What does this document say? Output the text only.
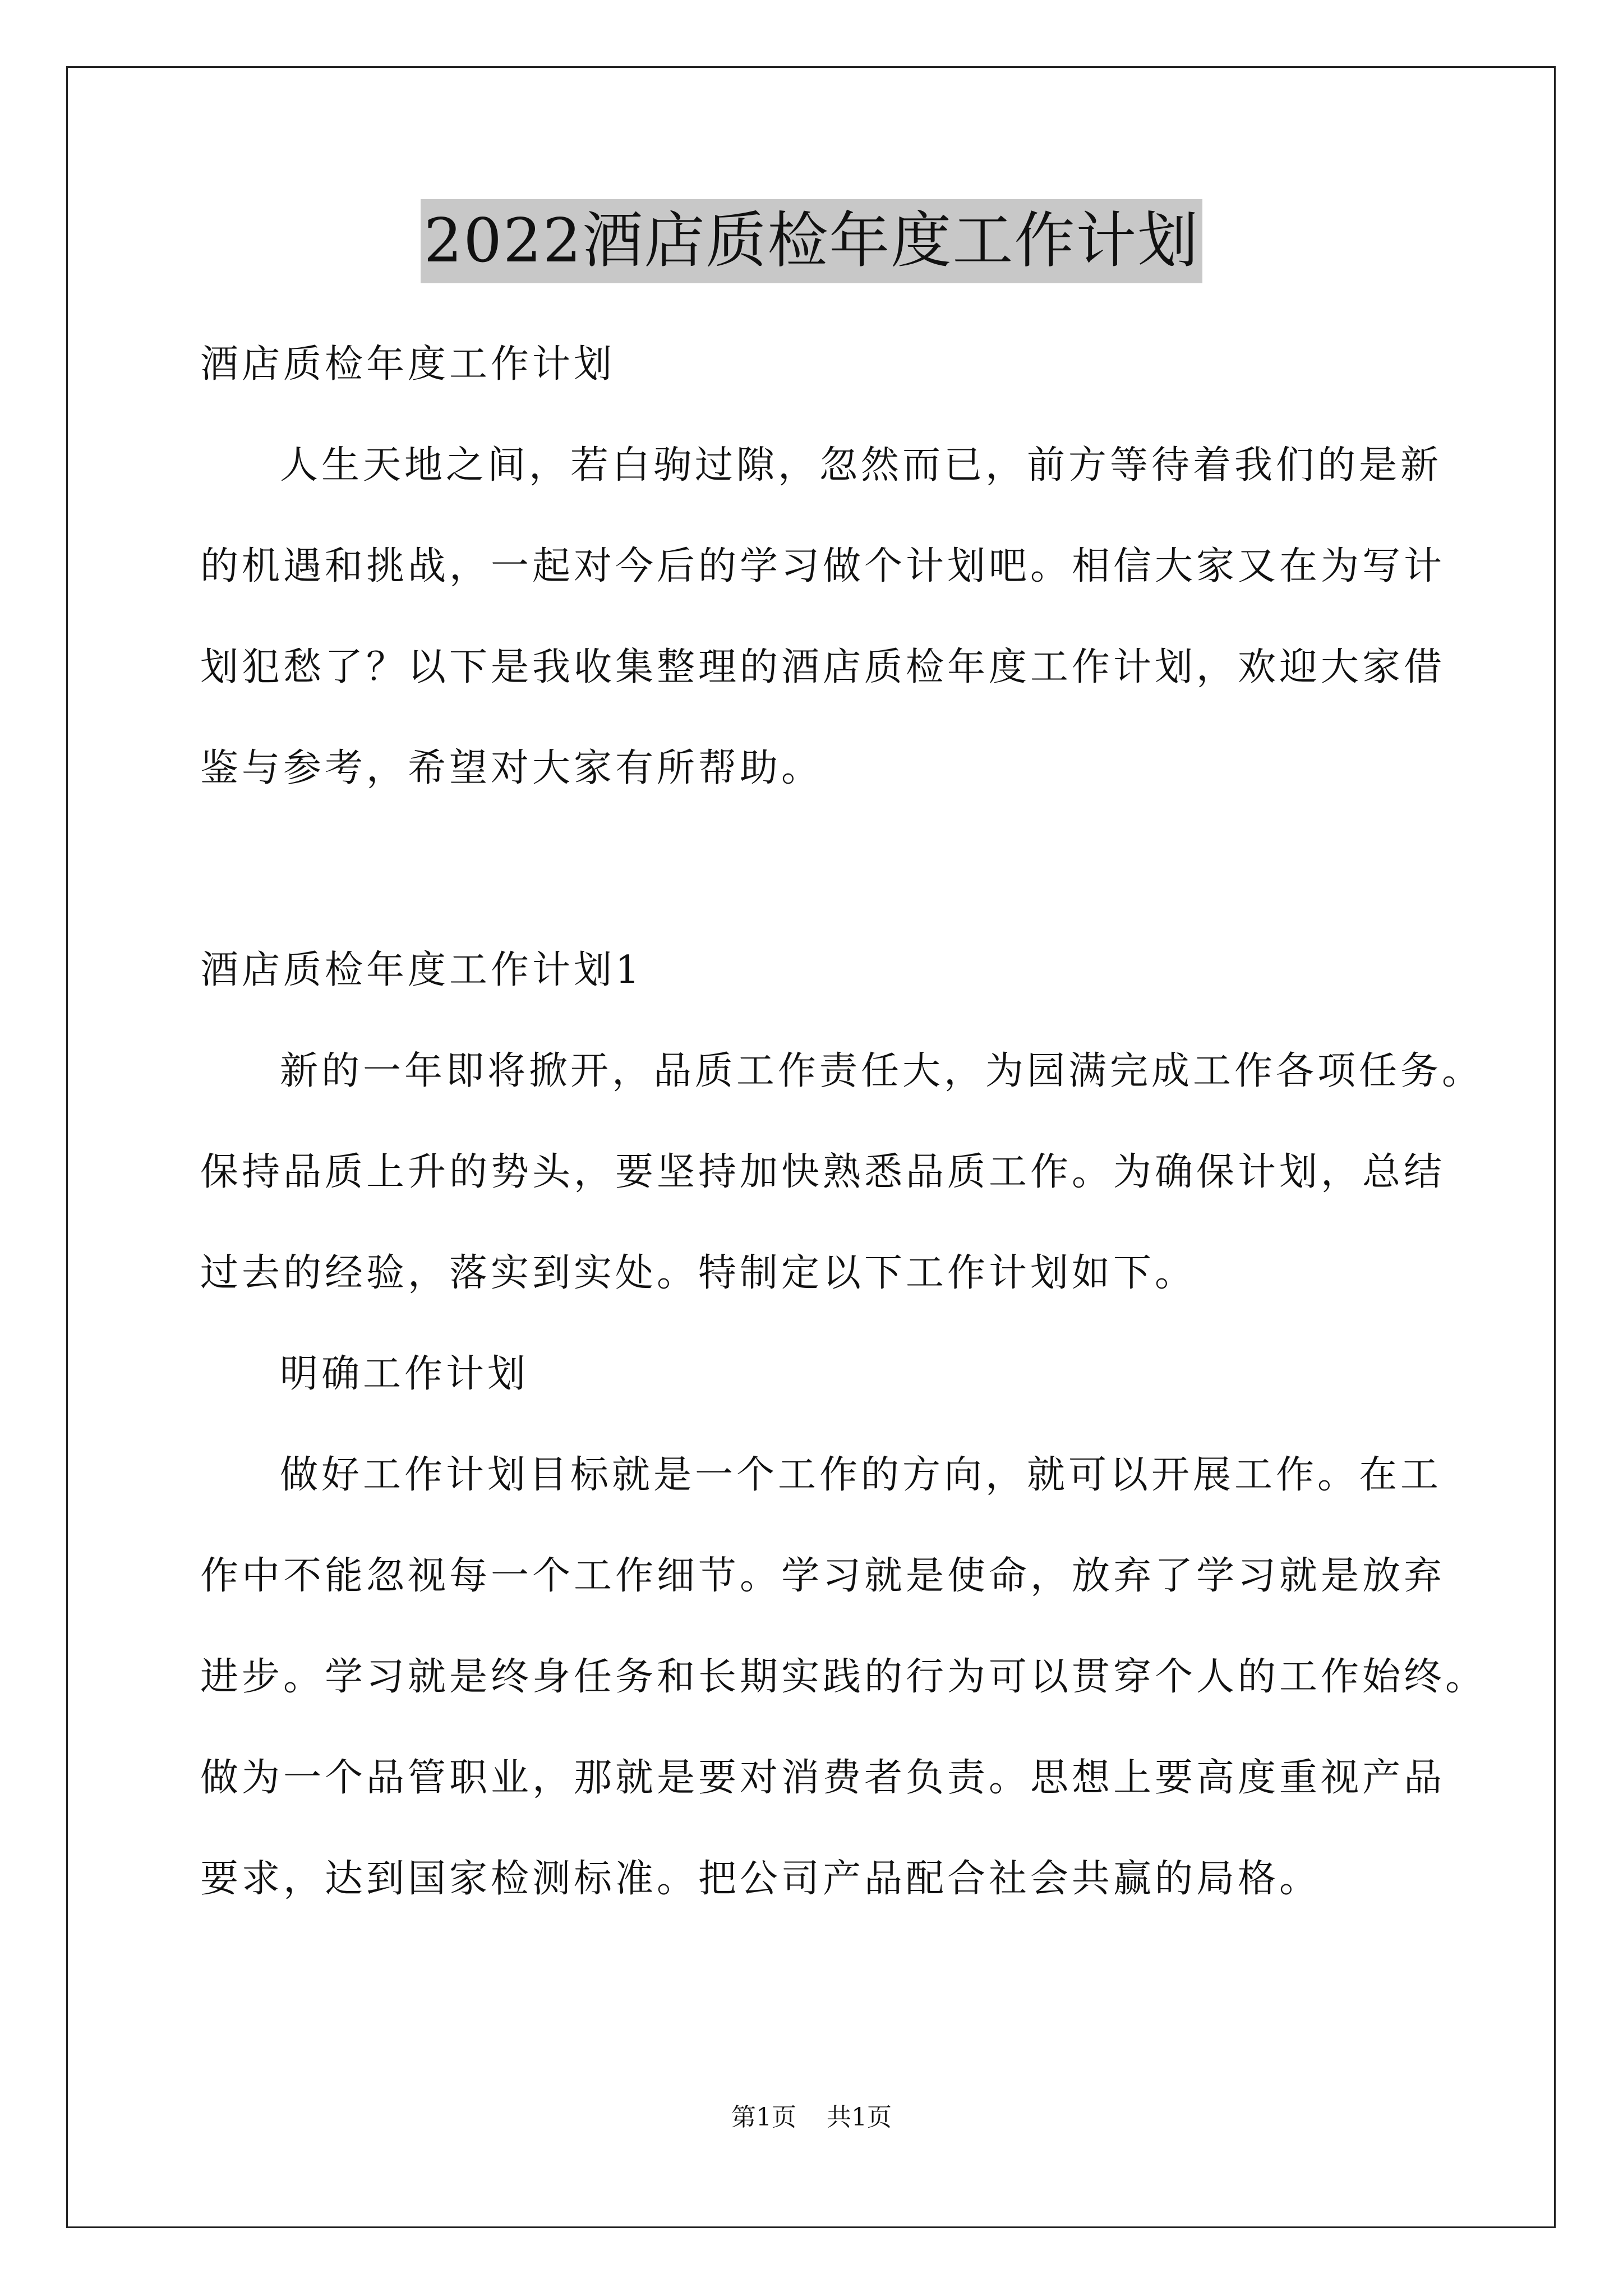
2022酒店质检年度工作计划
酒店质检年度工作计划
人生天地之间，若白驹过隙，忽然而已，前方等待着我们的是新
的机遇和挑战，一起对今后的学习做个计划吧。相信大家又在为写计
划犯愁了？以下是我收集整理的酒店质检年度工作计划，欢迎大家借
鉴与参考，希望对大家有所帮助。
酒店质检年度工作计划1
新的一年即将掀开，品质工作责任大，为园满完成工作各项任务。
保持品质上升的势头，要坚持加快熟悉品质工作。为确保计划，总结
过去的经验，落实到实处。特制定以下工作计划如下。
明确工作计划
做好工作计划目标就是一个工作的方向，就可以开展工作。在工
作中不能忽视每一个工作细节。学习就是使命，放弃了学习就是放弃
进步。学习就是终身任务和长期实践的行为可以贯穿个人的工作始终。
做为一个品管职业，那就是要对消费者负责。思想上要高度重视产品
要求，达到国家检测标准。把公司产品配合社会共赢的局格。
第1页 共1页
